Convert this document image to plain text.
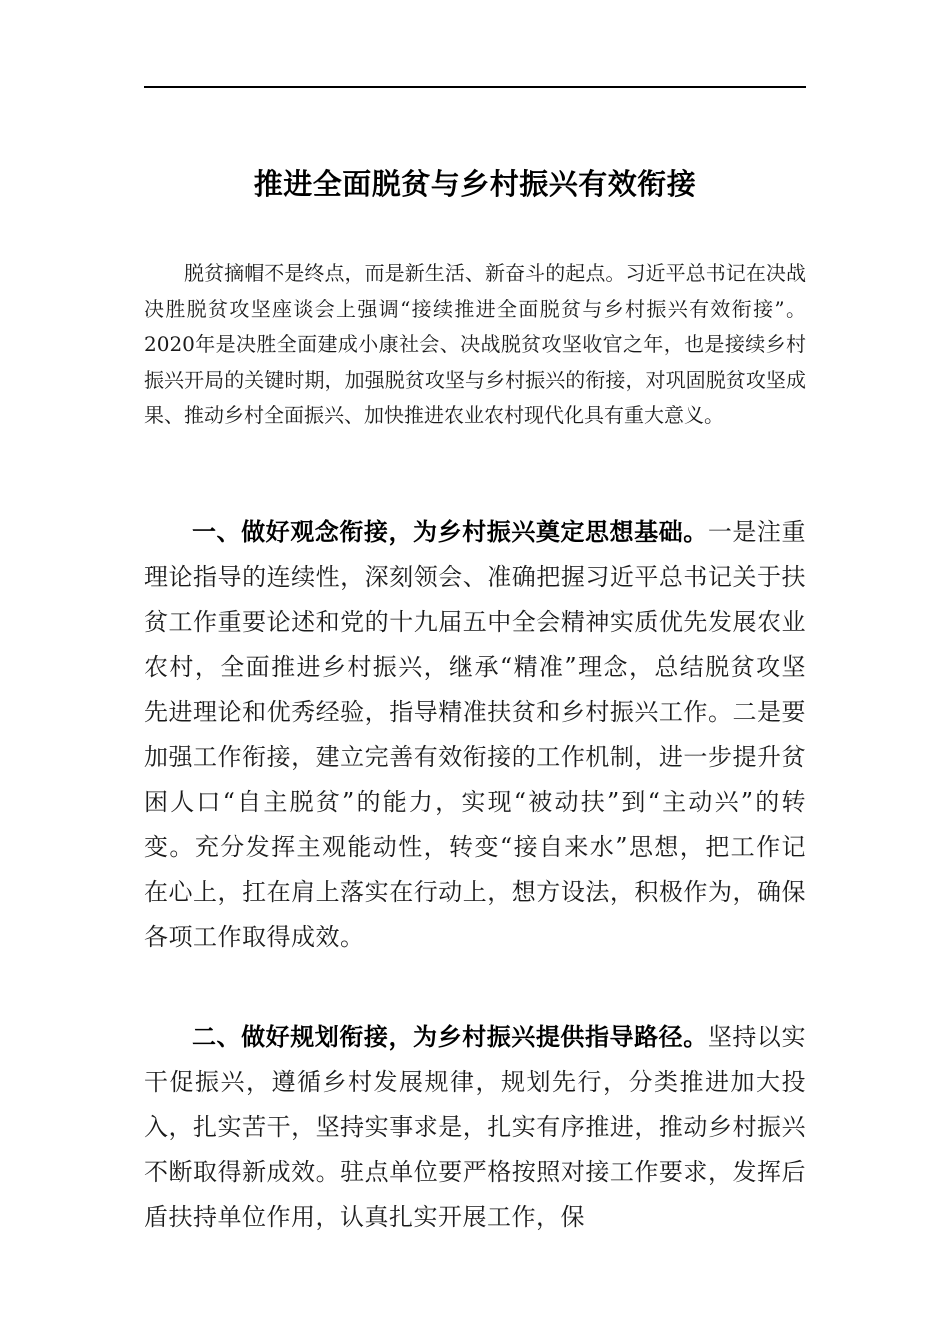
推进全面脱贫与乡村振兴有效衔接

脱贫摘帽不是终点，而是新生活、新奋斗的起点。习近平总书记在决战决胜脱贫攻坚座谈会上强调“接续推进全面脱贫与乡村振兴有效衔接”。2020年是决胜全面建成小康社会、决战脱贫攻坚收官之年，也是接续乡村振兴开局的关键时期，加强脱贫攻坚与乡村振兴的衔接，对巩固脱贫攻坚成果、推动乡村全面振兴、加快推进农业农村现代化具有重大意义。

一、做好观念衔接，为乡村振兴奠定思想基础。一是注重理论指导的连续性，深刻领会、准确把握习近平总书记关于扶贫工作重要论述和党的十九届五中全会精神实质优先发展农业农村，全面推进乡村振兴，继承“精准”理念，总结脱贫攻坚先进理论和优秀经验，指导精准扶贫和乡村振兴工作。二是要加强工作衔接，建立完善有效衔接的工作机制，进一步提升贫困人口“自主脱贫”的能力，实现“被动扶”到“主动兴”的转变。充分发挥主观能动性，转变“接自来水”思想，把工作记在心上，扛在肩上落实在行动上，想方设法，积极作为，确保各项工作取得成效。

二、做好规划衔接，为乡村振兴提供指导路径。坚持以实干促振兴，遵循乡村发展规律，规划先行，分类推进加大投入，扎实苦干，坚持实事求是，扎实有序推进，推动乡村振兴不断取得新成效。驻点单位要严格按照对接工作要求，发挥后盾扶持单位作用，认真扎实开展工作，保
